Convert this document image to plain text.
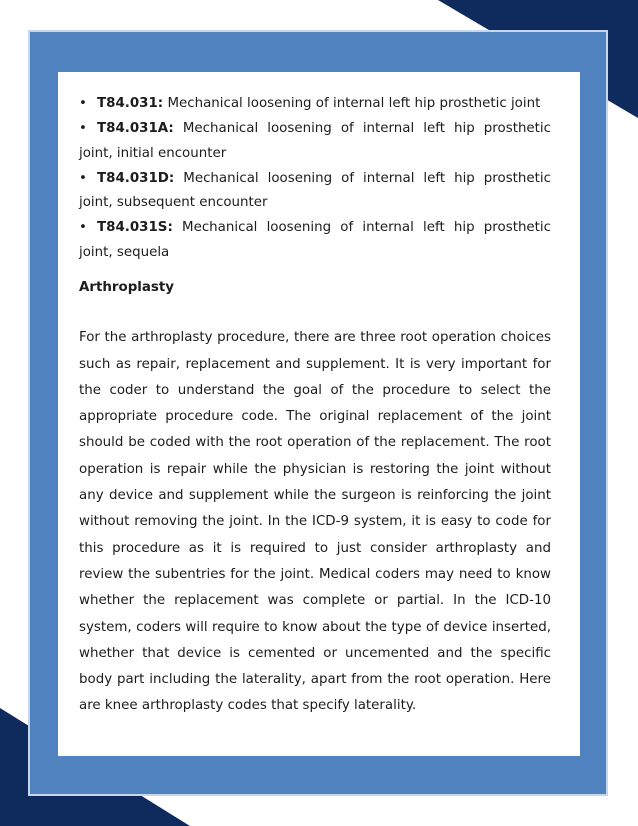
• T84.031: Mechanical loosening of internal left hip prosthetic joint
• T84.031A: Mechanical loosening of internal left hip prosthetic joint, initial encounter
• T84.031D: Mechanical loosening of internal left hip prosthetic joint, subsequent encounter
• T84.031S: Mechanical loosening of internal left hip prosthetic joint, sequela
Arthroplasty

For the arthroplasty procedure, there are three root operation choices such as repair, replacement and supplement. It is very important for the coder to understand the goal of the procedure to select the appropriate procedure code. The original replacement of the joint should be coded with the root operation of the replacement. The root operation is repair while the physician is restoring the joint without any device and supplement while the surgeon is reinforcing the joint without removing the joint. In the ICD-9 system, it is easy to code for this procedure as it is required to just consider arthroplasty and review the subentries for the joint. Medical coders may need to know whether the replacement was complete or partial. In the ICD-10 system, coders will require to know about the type of device inserted, whether that device is cemented or uncemented and the specific body part including the laterality, apart from the root operation. Here are knee arthroplasty codes that specify laterality.
